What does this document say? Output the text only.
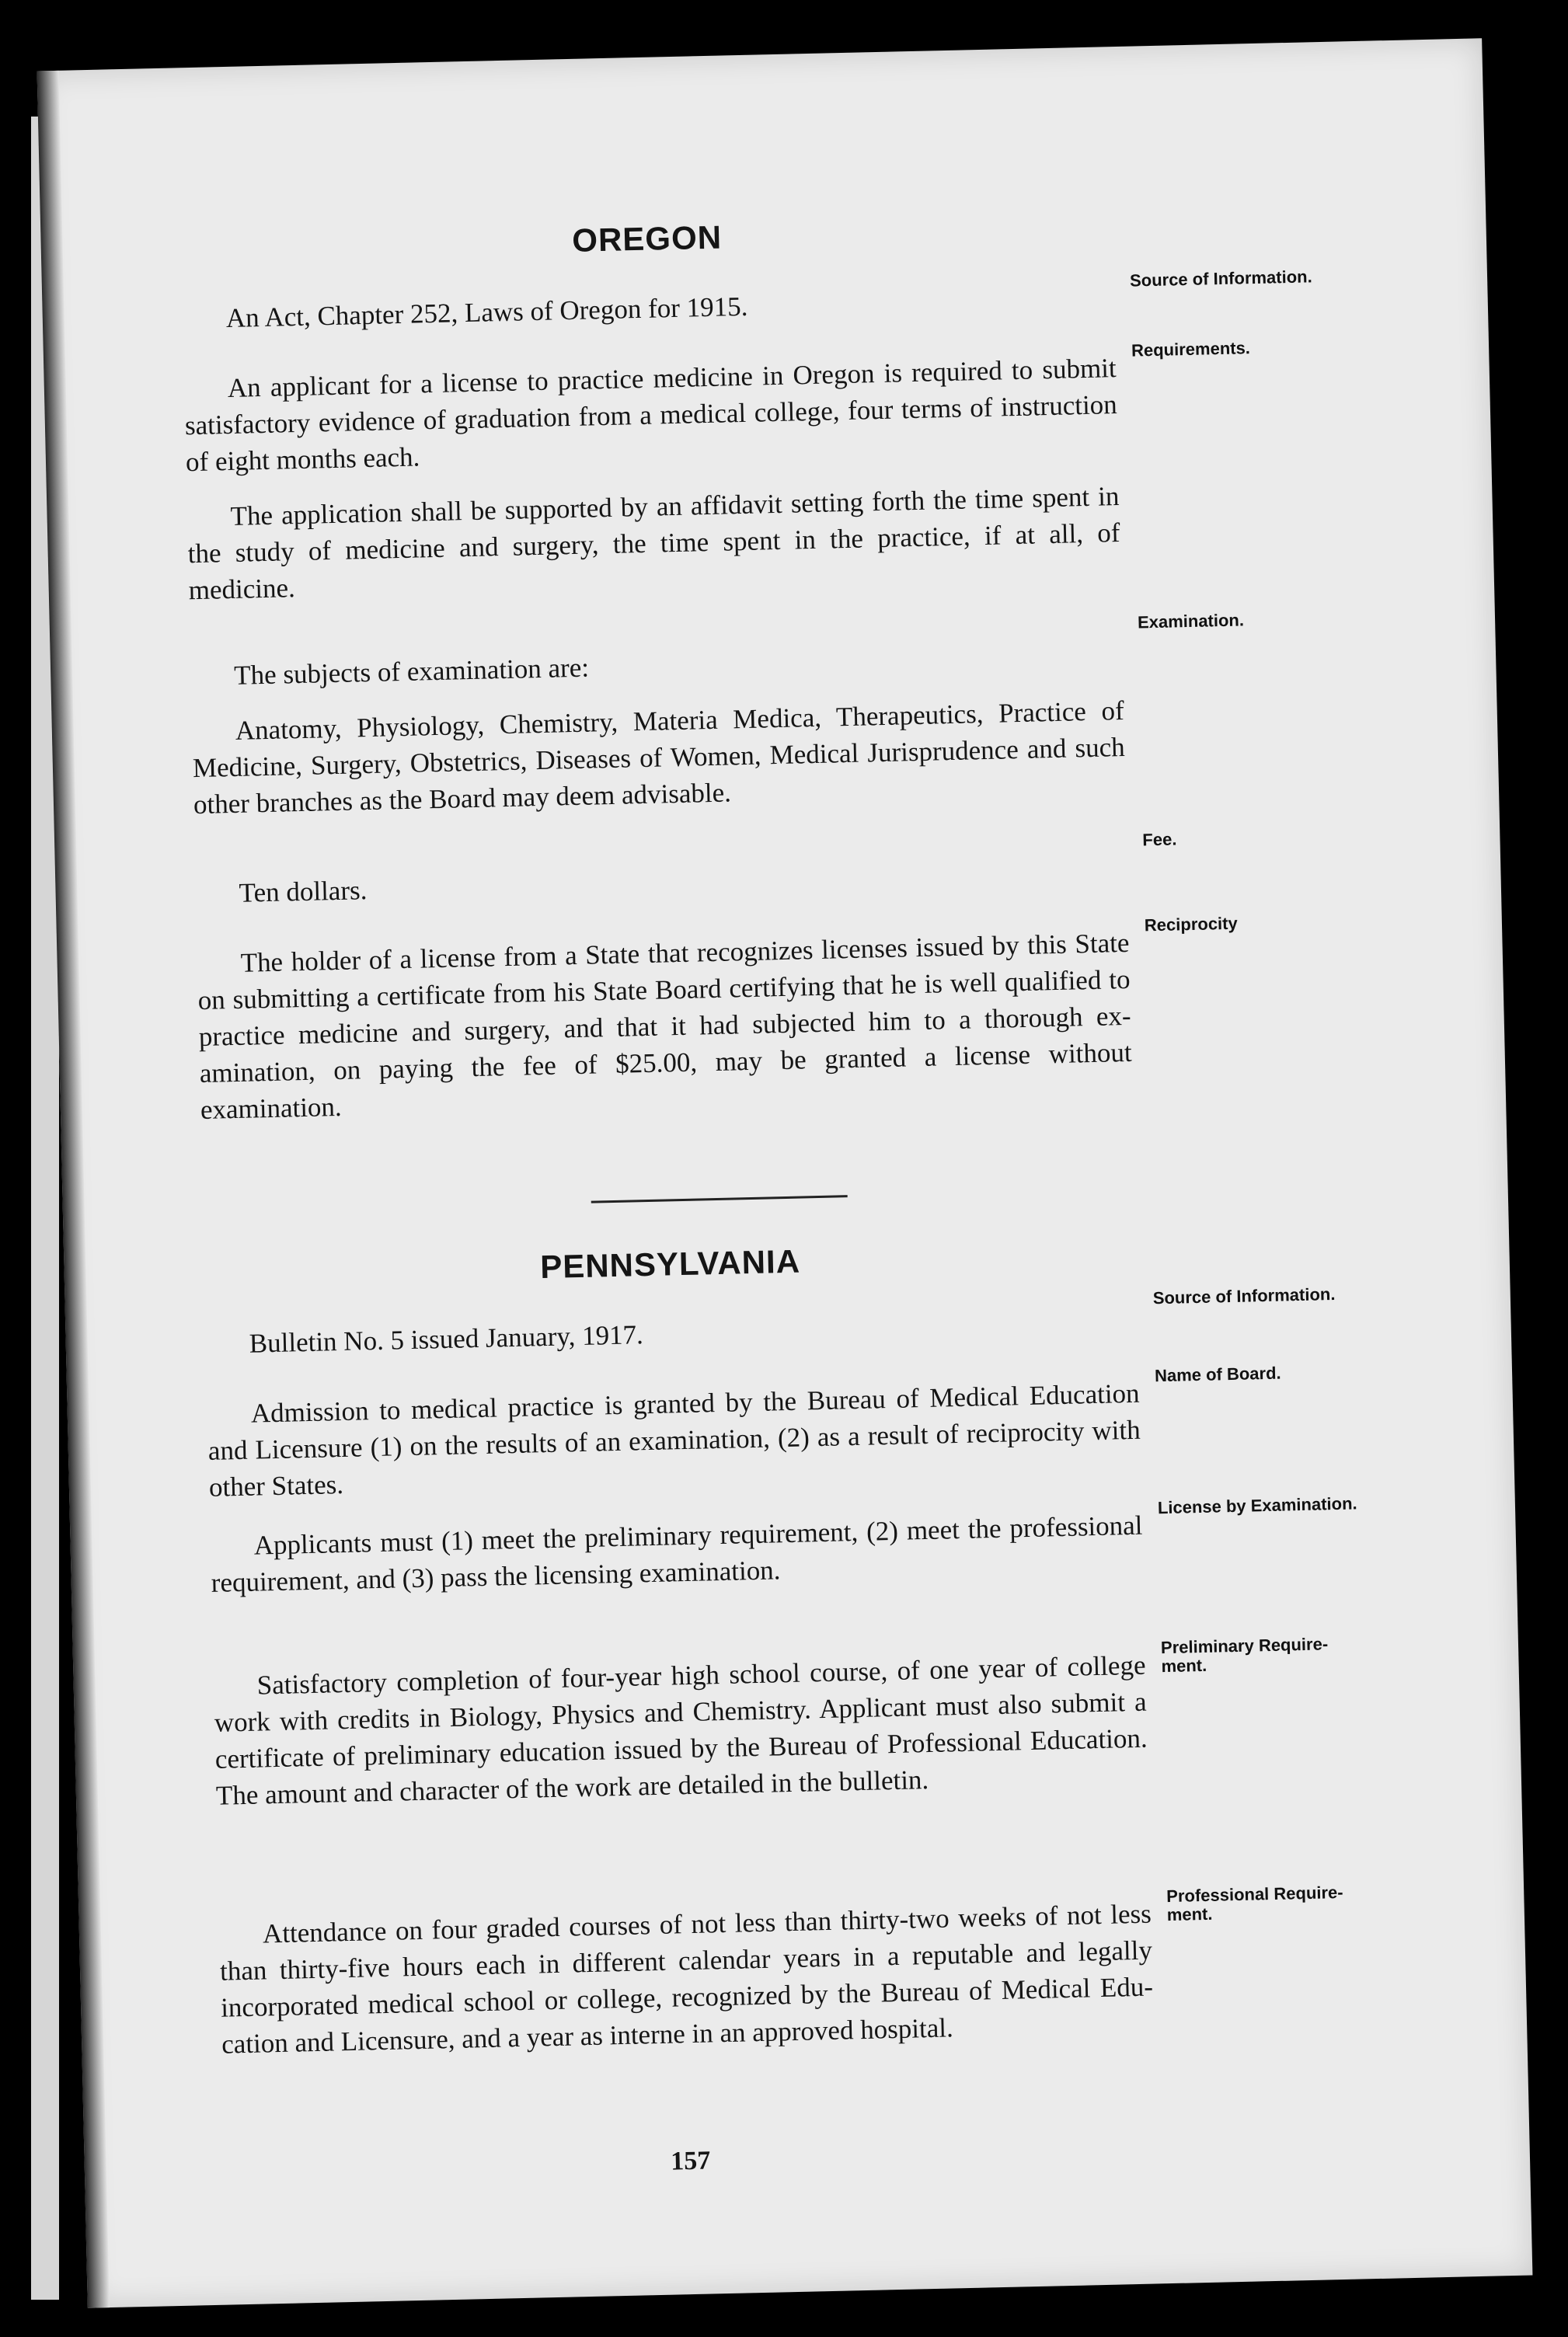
OREGON

An Act, Chapter 252, Laws of Oregon for 1915.

Source of Information.

An applicant for a license to practice medicine in Oregon is required to submit satisfactory evidence of graduation from a medical college, four terms of instruction of eight months each.

The application shall be supported by an affidavit setting forth the time spent in the study of medicine and surgery, the time spent in the practice, if at all, of medicine.

Requirements.

The subjects of examination are:

Anatomy, Physiology, Chemistry, Materia Medica, Therapeutics, Practice of Medicine, Surgery, Obstetrics, Diseases of Women, Medical Jurisprudence and such other branches as the Board may deem advisable.

Examination.

Ten dollars.

Fee.

The holder of a license from a State that recognizes licenses issued by this State on submitting a certificate from his State Board certifying that he is well qualified to practice medicine and surgery, and that it had subjected him to a thorough examination, on paying the fee of $25.00, may be granted a license without examination.

Reciprocity
PENNSYLVANIA

Bulletin No. 5 issued January, 1917.

Source of Information.

Admission to medical practice is granted by the Bureau of Medical Education and Licensure (1) on the results of an examination, (2) as a result of reciprocity with other States.

Name of Board.

Applicants must (1) meet the preliminary requirement, (2) meet the professional requirement, and (3) pass the licensing examination.

License by Examination.

Satisfactory completion of four-year high school course, of one year of college work with credits in Biology, Physics and Chemistry. Applicant must also submit a certificate of preliminary education issued by the Bureau of Professional Education. The amount and character of the work are detailed in the bulletin.

Preliminary Requirement.

Attendance on four graded courses of not less than thirty-two weeks of not less than thirty-five hours each in different calendar years in a reputable and legally incorporated medical school or college, recognized by the Bureau of Medical Education and Licensure, and a year as interne in an approved hospital.

Professional Requirement.
157
